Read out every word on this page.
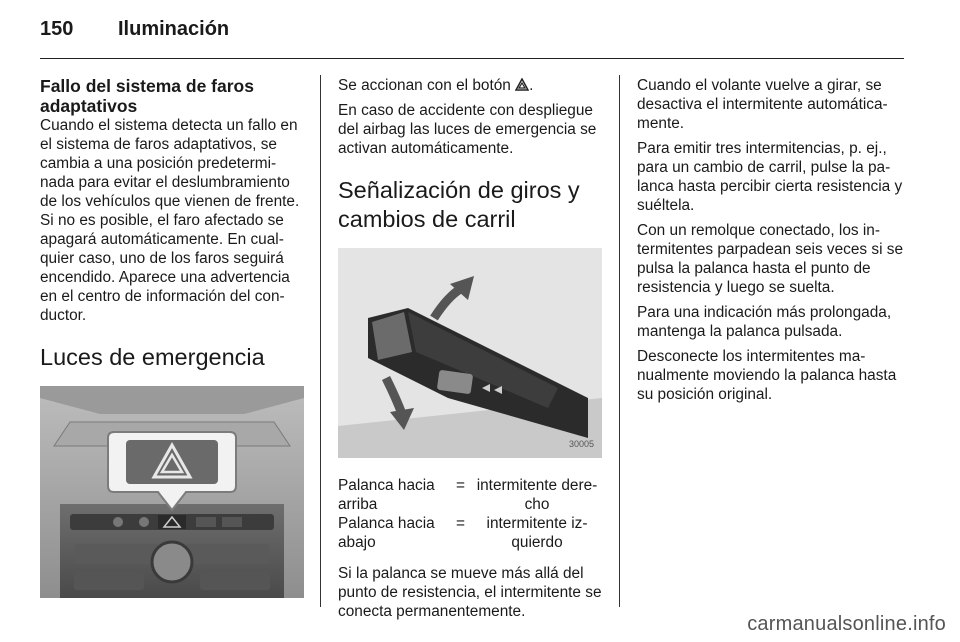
150	Iluminación
Fallo del sistema de faros adaptativos

Cuando el sistema detecta un fallo en el sistema de faros adaptativos, se cambia a una posición predetermi-nada para evitar el deslumbramiento de los vehículos que vienen de frente. Si no es posible, el faro afectado se apagará automáticamente. En cual-quier caso, uno de los faros seguirá encendido. Aparece una advertencia en el centro de información del con-ductor.

Luces de emergencia

Se accionan con el botón .

En caso de accidente con despliegue del airbag las luces de emergencia se activan automáticamente.

Señalización de giros y cambios de carril
30005
Palanca hacia arriba
= intermitente dere-cho
Palanca hacia abajo
=	intermitente iz-quierdo

Si la palanca se mueve más allá del punto de resistencia, el intermitente se conecta permanentemente.

Cuando el volante vuelve a girar, se desactiva el intermitente automática-mente.

Para emitir tres intermitencias, p. ej., para un cambio de carril, pulse la pa-lanca hasta percibir cierta resistencia y suéltela.

Con un remolque conectado, los in-termitentes parpadean seis veces si se pulsa la palanca hasta el punto de resistencia y luego se suelta.

Para una indicación más prolongada, mantenga la palanca pulsada.

Desconecte los intermitentes ma-nualmente moviendo la palanca hasta su posición original.

carmanualsonline.info
